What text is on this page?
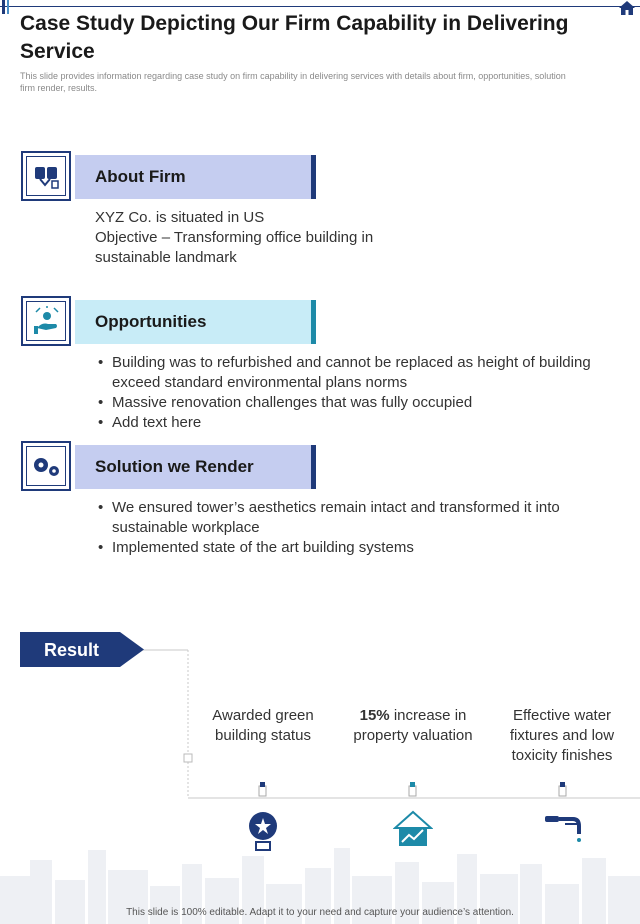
Case Study Depicting Our Firm Capability in Delivering Service
This slide provides information regarding case study on firm capability in delivering services with details about firm, opportunities, solution firm render, results.
About Firm
XYZ Co. is situated in US
Objective – Transforming office building in sustainable landmark
Opportunities
• Building was to refurbished and cannot be replaced as height of building exceed standard environmental plans norms
• Massive renovation challenges that was fully occupied
• Add text here
Solution we Render
• We ensured tower’s aesthetics remain intact and transformed it into sustainable workplace
• Implemented state of the art building systems
Result
Awarded green building status
15% increase in property valuation
Effective water fixtures and low toxicity finishes
This slide is 100% editable. Adapt it to your need and capture your audience’s attention.
